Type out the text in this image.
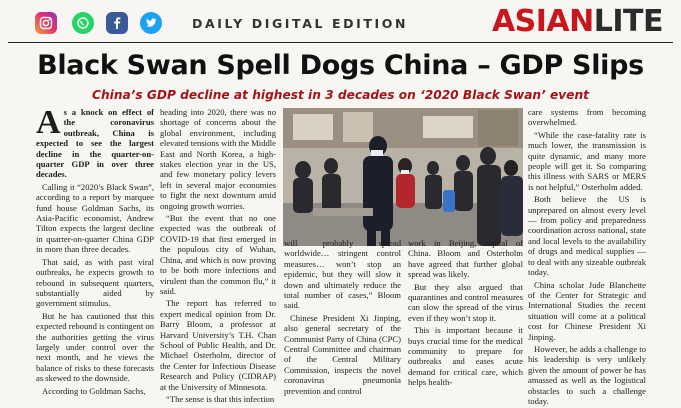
DAILY DIGITAL EDITION	ASIANLITE
Black Swan Spell Dogs China – GDP Slips
China’s GDP decline at highest in 3 decades on ‘2020 Black Swan’ event

As a knock on effect of the coronavirus outbreak, China is expected to see the largest decline in the quarter-on-quarter GDP in over three decades.

Calling it “2020’s Black Swan”, according to a report by marquee fund house Goldman Sachs, its Asia-Pacific economist, Andrew Tilton expects the largest decline in quarter-on-quarter China GDP in more than three decades.

That said, as with past viral outbreaks, he expects growth to rebound in subsequent quarters, substantially aided by government stimulus.

But he has cautioned that this expected rebound is contingent on the authorities getting the virus largely under control over the next month, and he views the balance of risks to these forecasts as skewed to the downside.

According to Goldman Sachs,

heading into 2020, there was no shortage of concerns about the global environment, including elevated tensions with the Middle East and North Korea, a high-stakes election year in the US, and few monetary policy levers left in several major economies to fight the next downturn amid ongoing growth worries.

“But the event that no one expected was the outbreak of COVID-19 that first emerged in the populous city of Wuhan, China, and which is now proving to be both more infections and virulent than the common flu,” it said.

The report has referred to expert medical opinion from Dr. Barry Bloom, a professor at Harvard University’s T.H. Chan School of Public Health, and Dr. Michael Osterholm, director of the Center for Infectious Disease Research and Policy (CIDRAP) at the University of Minnesota.

“The sense is that this infection

will probably spread worldwide… stringent control measures… won’t stop an epidemic, but they will slow it down and ultimately reduce the total number of cases,” Bloom said.

Chinese President Xi Jinping, also general secretary of the Communist Party of China (CPC) Central Committee and chairman of the Central Military Commission, inspects the novel coronavirus pneumonia prevention and control

work in Beijing, capital of China. Bloom and Osterholm have agreed that further global spread was likely.

But they also argued that quarantines and control measures can slow the spread of the virus even if they won’t stop it.

This is important because it buys crucial time for the medical community to prepare for outbreaks and eases acute demand for critical care, which helps health-

care systems from becoming overwhelmed.

“While the case-fatality rate is much lower, the transmission is quite dynamic, and many more people will get it. So comparing this illness with SARS or MERS is not helpful,” Osterholm added.

Both believe the US is unprepared on almost every level — from policy and preparedness coordination across national, state and local levels to the availability of drugs and medical supplies — to deal with any sizeable outbreak today.

China scholar Jude Blanchette of the Center for Strategic and International Studies the recent situation will come at a political cost for Chinese President Xi Jinping.

However, he adds a challenge to his leadership is very unlikely given the amount of power he has amassed as well as the logistical obstacles to such a challenge today.
